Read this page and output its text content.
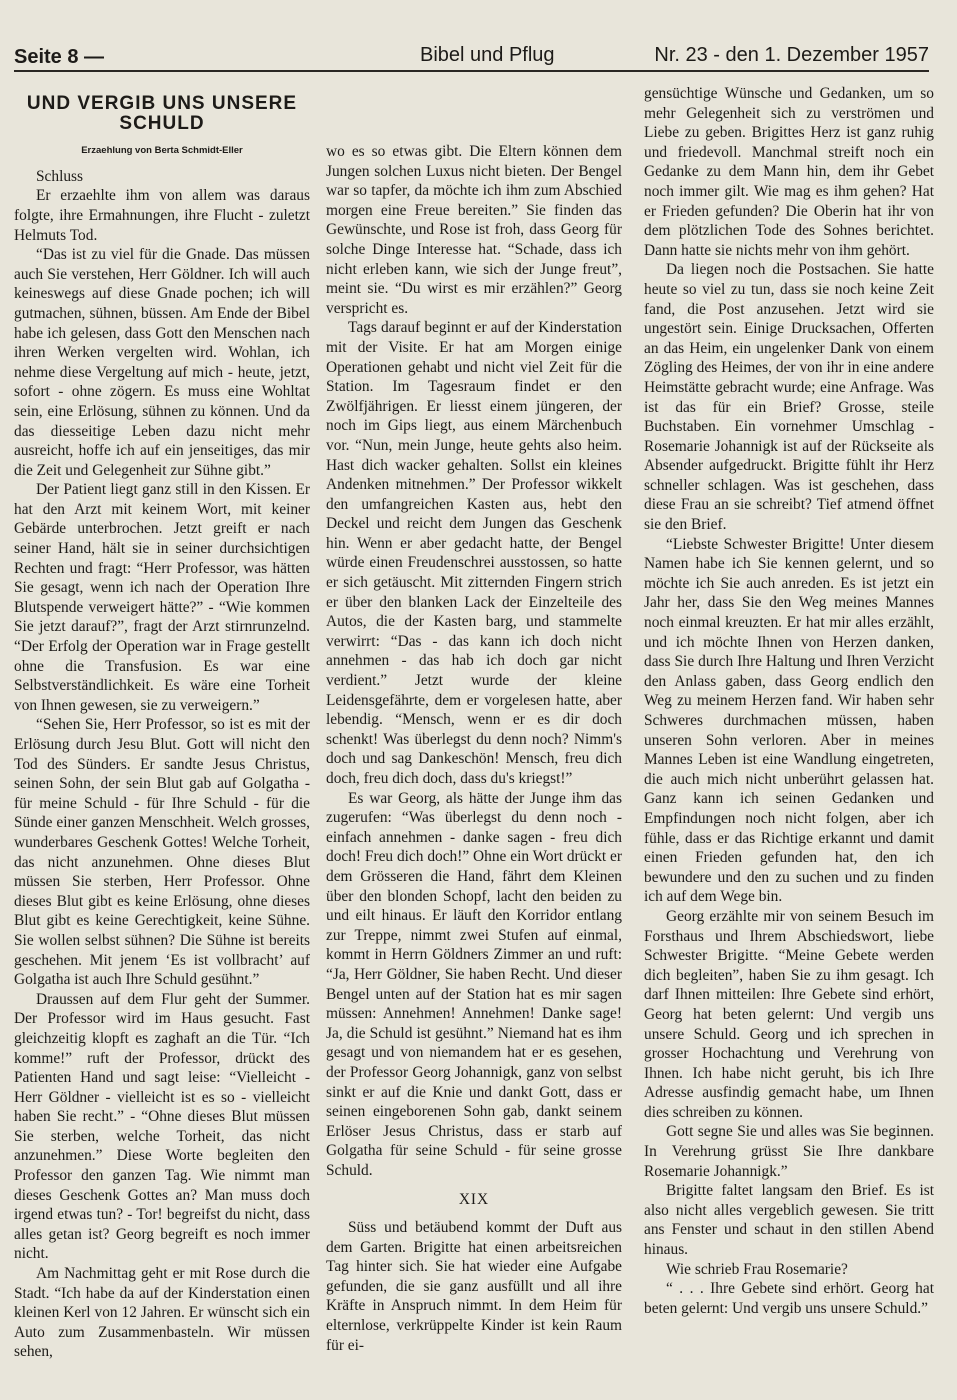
Seite 8 —	Bibel und Pflug	Nr. 23 - den 1. Dezember 1957
UND VERGIB UNS UNSERE SCHULD
Erzaehlung von Berta Schmidt-Eller

Schluss

Er erzaehlte ihm von allem was daraus folgte, ihre Ermahnungen, ihre Flucht - zuletzt Helmuts Tod.

“Das ist zu viel für die Gnade. Das müssen auch Sie verstehen, Herr Göldner. Ich will auch keineswegs auf diese Gnade pochen; ich will gutmachen, sühnen, büssen. Am Ende der Bibel habe ich gelesen, dass Gott den Menschen nach ihren Werken vergelten wird. Wohlan, ich nehme diese Vergeltung auf mich - heute, jetzt, sofort - ohne zögern. Es muss eine Wohltat sein, eine Erlösung, sühnen zu können. Und da das diesseitige Leben dazu nicht mehr ausreicht, hoffe ich auf ein jenseitiges, das mir die Zeit und Gelegenheit zur Sühne gibt.”

Der Patient liegt ganz still in den Kissen. Er hat den Arzt mit keinem Wort, mit keiner Gebärde unterbrochen. Jetzt greift er nach seiner Hand, hält sie in seiner durchsichtigen Rechten und fragt: “Herr Professor, was hätten Sie gesagt, wenn ich nach der Operation Ihre Blutspende verweigert hätte?” - “Wie kommen Sie jetzt darauf?”, fragt der Arzt stirnrunzelnd. “Der Erfolg der Operation war in Frage gestellt ohne die Transfusion. Es war eine Selbstverständlichkeit. Es wäre eine Torheit von Ihnen gewesen, sie zu verweigern.”

“Sehen Sie, Herr Professor, so ist es mit der Erlösung durch Jesu Blut. Gott will nicht den Tod des Sünders. Er sandte Jesus Christus, seinen Sohn, der sein Blut gab auf Golgatha - für meine Schuld - für Ihre Schuld - für die Sünde einer ganzen Menschheit. Welch grosses, wunderbares Geschenk Gottes! Welche Torheit, das nicht anzunehmen. Ohne dieses Blut müssen Sie sterben, Herr Professor. Ohne dieses Blut gibt es keine Erlösung, ohne dieses Blut gibt es keine Gerechtigkeit, keine Sühne. Sie wollen selbst sühnen? Die Sühne ist bereits geschehen. Mit jenem ‘Es ist vollbracht’ auf Golgatha ist auch Ihre Schuld gesühnt.”

Draussen auf dem Flur geht der Summer. Der Professor wird im Haus gesucht. Fast gleichzeitig klopft es zaghaft an die Tür. “Ich komme!” ruft der Professor, drückt des Patienten Hand und sagt leise: “Vielleicht - Herr Göldner - vielleicht ist es so - vielleicht haben Sie recht.” - “Ohne dieses Blut müssen Sie sterben, welche Torheit, das nicht anzunehmen.” Diese Worte begleiten den Professor den ganzen Tag. Wie nimmt man dieses Geschenk Gottes an? Man muss doch irgend etwas tun? - Tor! begreifst du nicht, dass alles getan ist? Georg begreift es noch immer nicht.

Am Nachmittag geht er mit Rose durch die Stadt. “Ich habe da auf der Kinderstation einen kleinen Kerl von 12 Jahren. Er wünscht sich ein Auto zum Zusammenbasteln. Wir müssen sehen,

wo es so etwas gibt. Die Eltern können dem Jungen solchen Luxus nicht bieten. Der Bengel war so tapfer, da möchte ich ihm zum Abschied morgen eine Freue bereiten.” Sie finden das Gewünschte, und Rose ist froh, dass Georg für solche Dinge Interesse hat. “Schade, dass ich nicht erleben kann, wie sich der Junge freut”, meint sie. “Du wirst es mir erzählen?” Georg verspricht es.

Tags darauf beginnt er auf der Kinderstation mit der Visite. Er hat am Morgen einige Operationen gehabt und nicht viel Zeit für die Station. Im Tagesraum findet er den Zwölfjährigen. Er liesst einem jüngeren, der noch im Gips liegt, aus einem Märchenbuch vor. “Nun, mein Junge, heute gehts also heim. Hast dich wacker gehalten. Sollst ein kleines Andenken mitnehmen.” Der Professor wikkelt den umfangreichen Kasten aus, hebt den Deckel und reicht dem Jungen das Geschenk hin. Wenn er aber gedacht hatte, der Bengel würde einen Freudenschrei ausstossen, so hatte er sich getäuscht. Mit zitternden Fingern strich er über den blanken Lack der Einzelteile des Autos, die der Kasten barg, und stammelte verwirrt: “Das - das kann ich doch nicht annehmen - das hab ich doch gar nicht verdient.” Jetzt wurde der kleine Leidensgefährte, dem er vorgelesen hatte, aber lebendig. “Mensch, wenn er es dir doch schenkt! Was überlegst du denn noch? Nimm's doch und sag Dankeschön! Mensch, freu dich doch, freu dich doch, dass du's kriegst!”

Es war Georg, als hätte der Junge ihm das zugerufen: “Was überlegst du denn noch - einfach annehmen - danke sagen - freu dich doch! Freu dich doch!” Ohne ein Wort drückt er dem Grösseren die Hand, fährt dem Kleinen über den blonden Schopf, lacht den beiden zu und eilt hinaus. Er läuft den Korridor entlang zur Treppe, nimmt zwei Stufen auf einmal, kommt in Herrn Göldners Zimmer an und ruft: “Ja, Herr Göldner, Sie haben Recht. Und dieser Bengel unten auf der Station hat es mir sagen müssen: Annehmen! Annehmen! Danke sage! Ja, die Schuld ist gesühnt.” Niemand hat es ihm gesagt und von niemandem hat er es gesehen, der Professor Georg Johannigk, ganz von selbst sinkt er auf die Knie und dankt Gott, dass er seinen eingeborenen Sohn gab, dankt seinem Erlöser Jesus Christus, dass er starb auf Golgatha für seine Schuld - für seine grosse Schuld.

XIX

Süss und betäubend kommt der Duft aus dem Garten. Brigitte hat einen arbeitsreichen Tag hinter sich. Sie hat wieder eine Aufgabe gefunden, die sie ganz ausfüllt und all ihre Kräfte in Anspruch nimmt. In dem Heim für elternlose, verkrüppelte Kinder ist kein Raum für ei-

gensüchtige Wünsche und Gedanken, um so mehr Gelegenheit sich zu verströmen und Liebe zu geben. Brigittes Herz ist ganz ruhig und friedevoll. Manchmal streift noch ein Gedanke zu dem Mann hin, dem ihr Gebet noch immer gilt. Wie mag es ihm gehen? Hat er Frieden gefunden? Die Oberin hat ihr von dem plötzlichen Tode des Sohnes berichtet. Dann hatte sie nichts mehr von ihm gehört.

Da liegen noch die Postsachen. Sie hatte heute so viel zu tun, dass sie noch keine Zeit fand, die Post anzusehen. Jetzt wird sie ungestört sein. Einige Drucksachen, Offerten an das Heim, ein ungelenker Dank von einem Zögling des Heimes, der von ihr in eine andere Heimstätte gebracht wurde; eine Anfrage. Was ist das für ein Brief? Grosse, steile Buchstaben. Ein vornehmer Umschlag - Rosemarie Johannigk ist auf der Rückseite als Absender aufgedruckt. Brigitte fühlt ihr Herz schneller schlagen. Was ist geschehen, dass diese Frau an sie schreibt? Tief atmend öffnet sie den Brief.

“Liebste Schwester Brigitte! Unter diesem Namen habe ich Sie kennen gelernt, und so möchte ich Sie auch anreden. Es ist jetzt ein Jahr her, dass Sie den Weg meines Mannes noch einmal kreuzten. Er hat mir alles erzählt, und ich möchte Ihnen von Herzen danken, dass Sie durch Ihre Haltung und Ihren Verzicht den Anlass gaben, dass Georg endlich den Weg zu meinem Herzen fand. Wir haben sehr Schweres durchmachen müssen, haben unseren Sohn verloren. Aber in meines Mannes Leben ist eine Wandlung eingetreten, die auch mich nicht unberührt gelassen hat. Ganz kann ich seinen Gedanken und Empfindungen noch nicht folgen, aber ich fühle, dass er das Richtige erkannt und damit einen Frieden gefunden hat, den ich bewundere und den zu suchen und zu finden ich auf dem Wege bin.

Georg erzählte mir von seinem Besuch im Forsthaus und Ihrem Abschiedswort, liebe Schwester Brigitte. “Meine Gebete werden dich begleiten”, haben Sie zu ihm gesagt. Ich darf Ihnen mitteilen: Ihre Gebete sind erhört, Georg hat beten gelernt: Und vergib uns unsere Schuld. Georg und ich sprechen in grosser Hochachtung und Verehrung von Ihnen. Ich habe nicht geruht, bis ich Ihre Adresse ausfindig gemacht habe, um Ihnen dies schreiben zu können.

Gott segne Sie und alles was Sie beginnen. In Verehrung grüsst Sie Ihre dankbare Rosemarie Johannigk.”

Brigitte faltet langsam den Brief. Es ist also nicht alles vergeblich gewesen. Sie tritt ans Fenster und schaut in den stillen Abend hinaus.

Wie schrieb Frau Rosemarie?

“ . . . Ihre Gebete sind erhört. Georg hat beten gelernt: Und vergib uns unsere Schuld.”
